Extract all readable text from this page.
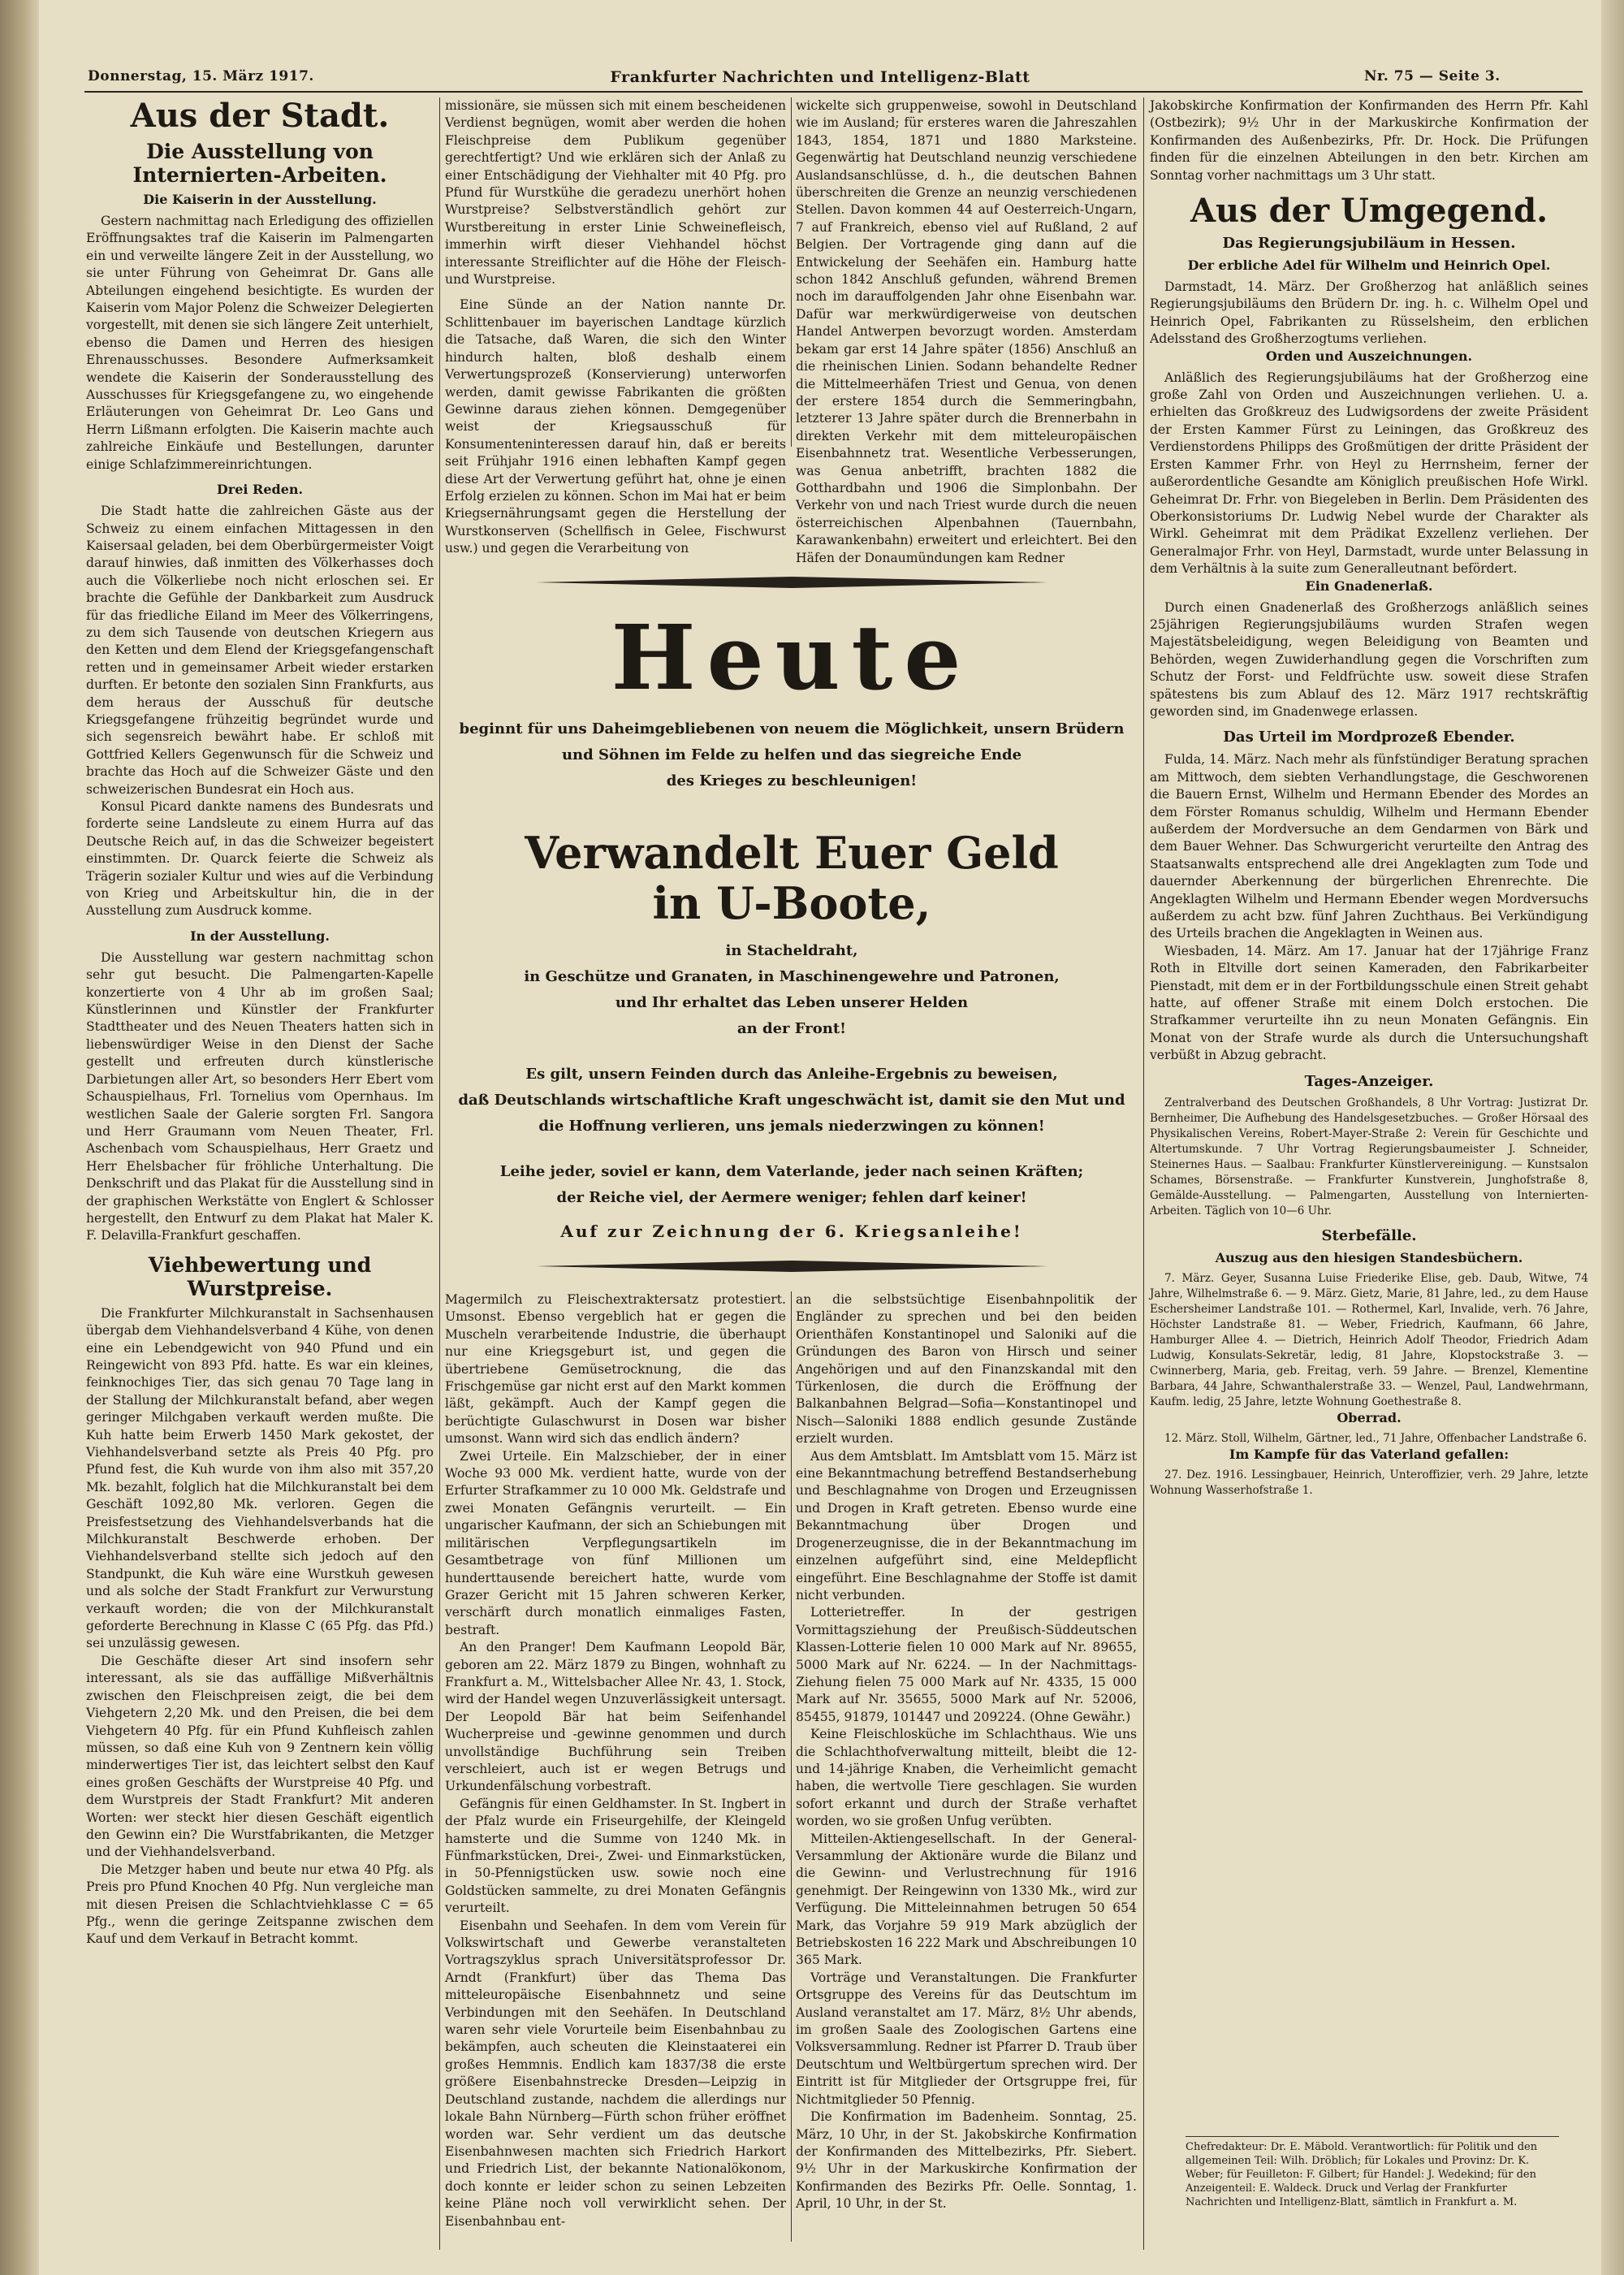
Donnerstag, 15. März 1917.	Frankfurter Nachrichten und Intelligenz-Blatt	Nr. 75 — Seite 3.
Aus der Stadt.
Die Ausstellung von Internierten-Arbeiten.
Die Kaiserin in der Ausstellung.

Gestern nachmittag nach Erledigung des offiziellen Eröffnungsaktes traf die Kaiserin im Palmengarten ein und verweilte längere Zeit in der Ausstellung, wo sie unter Führung von Geheimrat Dr. Gans alle Abteilungen eingehend besichtigte. Es wurden der Kaiserin vom Major Polenz die Schweizer Delegierten vorgestellt, mit denen sie sich längere Zeit unterhielt, ebenso die Damen und Herren des hiesigen Ehrenausschusses. Besondere Aufmerksamkeit wendete die Kaiserin der Sonderausstellung des Ausschusses für Kriegsgefangene zu, wo eingehende Erläuterungen von Geheimrat Dr. Leo Gans und Herrn Lißmann erfolgten. Die Kaiserin machte auch zahlreiche Einkäufe und Bestellungen, darunter einige Schlafzimmereinrichtungen.

Drei Reden.

Die Stadt hatte die zahlreichen Gäste aus der Schweiz zu einem einfachen Mittagessen in den Kaisersaal geladen, bei dem Oberbürgermeister Voigt darauf hinwies, daß inmitten des Völkerhasses doch auch die Völkerliebe noch nicht erloschen sei. Er brachte die Gefühle der Dankbarkeit zum Ausdruck für das friedliche Eiland im Meer des Völkerringens, zu dem sich Tausende von deutschen Kriegern aus den Ketten und dem Elend der Kriegsgefangenschaft retten und in gemeinsamer Arbeit wieder erstarken durften. Er betonte den sozialen Sinn Frankfurts, aus dem heraus der Ausschuß für deutsche Kriegsgefangene frühzeitig begründet wurde und sich segensreich bewährt habe. Er schloß mit Gottfried Kellers Gegenwunsch für die Schweiz und brachte das Hoch auf die Schweizer Gäste und den schweizerischen Bundesrat ein Hoch aus.

Konsul Picard dankte namens des Bundesrats und forderte seine Landsleute zu einem Hurra auf das Deutsche Reich auf, in das die Schweizer begeistert einstimmten. Dr. Quarck feierte die Schweiz als Trägerin sozialer Kultur und wies auf die Verbindung von Krieg und Arbeitskultur hin, die in der Ausstellung zum Ausdruck komme.

In der Ausstellung.

Die Ausstellung war gestern nachmittag schon sehr gut besucht. Die Palmengarten-Kapelle konzertierte von 4 Uhr ab im großen Saal; Künstlerinnen und Künstler der Frankfurter Stadttheater und des Neuen Theaters hatten sich in liebenswürdiger Weise in den Dienst der Sache gestellt und erfreuten durch künstlerische Darbietungen aller Art, so besonders Herr Ebert vom Schauspielhaus, Frl. Tornelius vom Opernhaus. Im westlichen Saale der Galerie sorgten Frl. Sangora und Herr Graumann vom Neuen Theater, Frl. Aschenbach vom Schauspielhaus, Herr Graetz und Herr Ehelsbacher für fröhliche Unterhaltung. Die Denkschrift und das Plakat für die Ausstellung sind in der graphischen Werkstätte von Englert & Schlosser hergestellt, den Entwurf zu dem Plakat hat Maler K. F. Delavilla-Frankfurt geschaffen.

Viehbewertung und Wurstpreise.

Die Frankfurter Milchkuranstalt in Sachsenhausen übergab dem Viehhandelsverband 4 Kühe, von denen eine ein Lebendgewicht von 940 Pfund und ein Reingewicht von 893 Pfd. hatte. Es war ein kleines, feinknochiges Tier, das sich genau 70 Tage lang in der Stallung der Milchkuranstalt befand, aber wegen geringer Milchgaben verkauft werden mußte. Die Kuh hatte beim Erwerb 1450 Mark gekostet, der Viehhandelsverband setzte als Preis 40 Pfg. pro Pfund fest, die Kuh wurde von ihm also mit 357,20 Mk. bezahlt, folglich hat die Milchkuranstalt bei dem Geschäft 1092,80 Mk. verloren. Gegen die Preisfestsetzung des Viehhandelsverbands hat die Milchkuranstalt Beschwerde erhoben. Der Viehhandelsverband stellte sich jedoch auf den Standpunkt, die Kuh wäre eine Wurstkuh gewesen und als solche der Stadt Frankfurt zur Verwurstung verkauft worden; die von der Milchkuranstalt geforderte Berechnung in Klasse C (65 Pfg. das Pfd.) sei unzulässig gewesen.

Die Geschäfte dieser Art sind insofern sehr interessant, als sie das auffällige Mißverhältnis zwischen den Fleischpreisen zeigt, die bei dem Viehgetern 2,20 Mk. und den Preisen, die bei dem Viehgetern 40 Pfg. für ein Pfund Kuhfleisch zahlen müssen, so daß eine Kuh von 9 Zentnern kein völlig minderwertiges Tier ist, das leichtert selbst den Kauf eines großen Geschäfts der Wurstpreise 40 Pfg. und dem Wurstpreis der Stadt Frankfurt? Mit anderen Worten: wer steckt hier diesen Geschäft eigentlich den Gewinn ein? Die Wurstfabrikanten, die Metzger und der Viehhandelsverband.

Die Metzger haben und beute nur etwa 40 Pfg. als Preis pro Pfund Knochen 40 Pfg. Nun vergleiche man mit diesen Preisen die Schlachtviehklasse C = 65 Pfg., wenn die geringe Zeitspanne zwischen dem Kauf und dem Verkauf in Betracht kommt.

missionäre, sie müssen sich mit einem bescheidenen Verdienst begnügen, womit aber werden die hohen Fleischpreise dem Publikum gegenüber gerechtfertigt? Und wie erklären sich der Anlaß zu einer Entschädigung der Viehhalter mit 40 Pfg. pro Pfund für Wurstkühe die geradezu unerhört hohen Wurstpreise? Selbstverständlich gehört zur Wurstbereitung in erster Linie Schweinefleisch, immerhin wirft dieser Viehhandel höchst interessante Streiflichter auf die Höhe der Fleisch- und Wurstpreise.

Eine Sünde an der Nation nannte Dr. Schlittenbauer im bayerischen Landtage kürzlich die Tatsache, daß Waren, die sich den Winter hindurch halten, bloß deshalb einem Verwertungsprozeß (Konservierung) unterworfen werden, damit gewisse Fabrikanten die größten Gewinne daraus ziehen können. Demgegenüber weist der Kriegsausschuß für Konsumenteninteressen darauf hin, daß er bereits seit Frühjahr 1916 einen lebhaften Kampf gegen diese Art der Verwertung geführt hat, ohne je einen Erfolg erzielen zu können. Schon im Mai hat er beim Kriegsernährungsamt gegen die Herstellung der Wurstkonserven (Schellfisch in Gelee, Fischwurst usw.) und gegen die Verarbeitung von

wickelte sich gruppenweise, sowohl in Deutschland wie im Ausland; für ersteres waren die Jahreszahlen 1843, 1854, 1871 und 1880 Marksteine. Gegenwärtig hat Deutschland neunzig verschiedene Auslandsanschlüsse, d. h., die deutschen Bahnen überschreiten die Grenze an neunzig verschiedenen Stellen. Davon kommen 44 auf Oesterreich-Ungarn, 7 auf Frankreich, ebenso viel auf Rußland, 2 auf Belgien. Der Vortragende ging dann auf die Entwickelung der Seehäfen ein. Hamburg hatte schon 1842 Anschluß gefunden, während Bremen noch im darauffolgenden Jahr ohne Eisenbahn war. Dafür war merkwürdigerweise von deutschen Handel Antwerpen bevorzugt worden. Amsterdam bekam gar erst 14 Jahre später (1856) Anschluß an die rheinischen Linien. Sodann behandelte Redner die Mittelmeerhäfen Triest und Genua, von denen der erstere 1854 durch die Semmeringbahn, letzterer 13 Jahre später durch die Brennerbahn in direkten Verkehr mit dem mitteleuropäischen Eisenbahnnetz trat. Wesentliche Verbesserungen, was Genua anbetrifft, brachten 1882 die Gotthardbahn und 1906 die Simplonbahn. Der Verkehr von und nach Triest wurde durch die neuen österreichischen Alpenbahnen (Tauernbahn, Karawankenbahn) erweitert und erleichtert. Bei den Häfen der Donaumündungen kam Redner

Heute
beginnt für uns Daheimgebliebenen von neuem die Möglichkeit, unsern Brüdern
und Söhnen im Felde zu helfen und das siegreiche Ende
des Krieges zu beschleunigen!
Verwandelt Euer Geld
in U-Boote,
in Stacheldraht,
in Geschütze und Granaten, in Maschinengewehre und Patronen,
und Ihr erhaltet das Leben unserer Helden
an der Front!
Es gilt, unsern Feinden durch das Anleihe-Ergebnis zu beweisen,
daß Deutschlands wirtschaftliche Kraft ungeschwächt ist, damit sie den Mut und
die Hoffnung verlieren, uns jemals niederzwingen zu können!
Leihe jeder, soviel er kann, dem Vaterlande, jeder nach seinen Kräften;
der Reiche viel, der Aermere weniger; fehlen darf keiner!
Auf zur Zeichnung der 6. Kriegsanleihe!

Magermilch zu Fleischextraktersatz protestiert. Umsonst. Ebenso vergeblich hat er gegen die Muscheln verarbeitende Industrie, die überhaupt nur eine Kriegsgeburt ist, und gegen die übertriebene Gemüsetrocknung, die das Frischgemüse gar nicht erst auf den Markt kommen läßt, gekämpft. Auch der Kampf gegen die berüchtigte Gulaschwurst in Dosen war bisher umsonst. Wann wird sich das endlich ändern?

Zwei Urteile. Ein Malzschieber, der in einer Woche 93 000 Mk. verdient hatte, wurde von der Erfurter Strafkammer zu 10 000 Mk. Geldstrafe und zwei Monaten Gefängnis verurteilt. — Ein ungarischer Kaufmann, der sich an Schiebungen mit militärischen Verpflegungsartikeln im Gesamtbetrage von fünf Millionen um hunderttausende bereichert hatte, wurde vom Grazer Gericht mit 15 Jahren schweren Kerker, verschärft durch monatlich einmaliges Fasten, bestraft.

An den Pranger! Dem Kaufmann Leopold Bär, geboren am 22. März 1879 zu Bingen, wohnhaft zu Frankfurt a. M., Wittelsbacher Allee Nr. 43, 1. Stock, wird der Handel wegen Unzuverlässigkeit untersagt. Der Leopold Bär hat beim Seifenhandel Wucherpreise und -gewinne genommen und durch unvollständige Buchführung sein Treiben verschleiert, auch ist er wegen Betrugs und Urkundenfälschung vorbestraft.

Gefängnis für einen Geldhamster. In St. Ingbert in der Pfalz wurde ein Friseurgehilfe, der Kleingeld hamsterte und die Summe von 1240 Mk. in Fünfmarkstücken, Drei-, Zwei- und Einmarkstücken, in 50-Pfennigstücken usw. sowie noch eine Goldstücken sammelte, zu drei Monaten Gefängnis verurteilt.

Eisenbahn und Seehafen. In dem vom Verein für Volkswirtschaft und Gewerbe veranstalteten Vortragszyklus sprach Universitätsprofessor Dr. Arndt (Frankfurt) über das Thema Das mitteleuropäische Eisenbahnnetz und seine Verbindungen mit den Seehäfen. In Deutschland waren sehr viele Vorurteile beim Eisenbahnbau zu bekämpfen, auch scheuten die Kleinstaaterei ein großes Hemmnis. Endlich kam 1837/38 die erste größere Eisenbahnstrecke Dresden—Leipzig in Deutschland zustande, nachdem die allerdings nur lokale Bahn Nürnberg—Fürth schon früher eröffnet worden war. Sehr verdient um das deutsche Eisenbahnwesen machten sich Friedrich Harkort und Friedrich List, der bekannte Nationalökonom, doch konnte er leider schon zu seinen Lebzeiten keine Pläne noch voll verwirklicht sehen. Der Eisenbahnbau ent-

an die selbstsüchtige Eisenbahnpolitik der Engländer zu sprechen und bei den beiden Orienthäfen Konstantinopel und Saloniki auf die Gründungen des Baron von Hirsch und seiner Angehörigen und auf den Finanzskandal mit den Türkenlosen, die durch die Eröffnung der Balkanbahnen Belgrad—Sofia—Konstantinopel und Nisch—Saloniki 1888 endlich gesunde Zustände erzielt wurden.

Aus dem Amtsblatt. Im Amtsblatt vom 15. März ist eine Bekanntmachung betreffend Bestandserhebung und Beschlagnahme von Drogen und Erzeugnissen und Drogen in Kraft getreten. Ebenso wurde eine Bekanntmachung über Drogen und Drogenerzeugnisse, die in der Bekanntmachung im einzelnen aufgeführt sind, eine Meldepflicht eingeführt. Eine Beschlagnahme der Stoffe ist damit nicht verbunden.

Lotterietreffer. In der gestrigen Vormittagsziehung der Preußisch-Süddeutschen Klassen-Lotterie fielen 10 000 Mark auf Nr. 89655, 5000 Mark auf Nr. 6224. — In der Nachmittags-Ziehung fielen 75 000 Mark auf Nr. 4335, 15 000 Mark auf Nr. 35655, 5000 Mark auf Nr. 52006, 85455, 91879, 101447 und 209224. (Ohne Gewähr.)

Keine Fleischlosküche im Schlachthaus. Wie uns die Schlachthofverwaltung mitteilt, bleibt die 12- und 14-jährige Knaben, die Verheimlicht gemacht haben, die wertvolle Tiere geschlagen. Sie wurden sofort erkannt und durch der Straße verhaftet worden, wo sie großen Unfug verübten.

Mitteilen-Aktiengesellschaft. In der General-Versammlung der Aktionäre wurde die Bilanz und die Gewinn- und Verlustrechnung für 1916 genehmigt. Der Reingewinn von 1330 Mk., wird zur Verfügung. Die Mitteleinnahmen betrugen 50 654 Mark, das Vorjahre 59 919 Mark abzüglich der Betriebskosten 16 222 Mark und Abschreibungen 10 365 Mark.

Vorträge und Veranstaltungen. Die Frankfurter Ortsgruppe des Vereins für das Deutschtum im Ausland veranstaltet am 17. März, 8½ Uhr abends, im großen Saale des Zoologischen Gartens eine Volksversammlung. Redner ist Pfarrer D. Traub über Deutschtum und Weltbürgertum sprechen wird. Der Eintritt ist für Mitglieder der Ortsgruppe frei, für Nichtmitglieder 50 Pfennig.

Die Konfirmation im Badenheim. Sonntag, 25. März, 10 Uhr, in der St. Jakobskirche Konfirmation der Konfirmanden des Mittelbezirks, Pfr. Siebert. 9½ Uhr in der Markuskirche Konfirmation der Konfirmanden des Bezirks Pfr. Oelle. Sonntag, 1. April, 10 Uhr, in der St.

Jakobskirche Konfirmation der Konfirmanden des Herrn Pfr. Kahl (Ostbezirk); 9½ Uhr in der Markuskirche Konfirmation der Konfirmanden des Außenbezirks, Pfr. Dr. Hock. Die Prüfungen finden für die einzelnen Abteilungen in den betr. Kirchen am Sonntag vorher nachmittags um 3 Uhr statt.

Aus der Umgegend.
Das Regierungsjubiläum in Hessen.
Der erbliche Adel für Wilhelm und Heinrich Opel.

Darmstadt, 14. März. Der Großherzog hat anläßlich seines Regierungsjubiläums den Brüdern Dr. ing. h. c. Wilhelm Opel und Heinrich Opel, Fabrikanten zu Rüsselsheim, den erblichen Adelsstand des Großherzogtums verliehen.

Orden und Auszeichnungen.

Anläßlich des Regierungsjubiläums hat der Großherzog eine große Zahl von Orden und Auszeichnungen verliehen. U. a. erhielten das Großkreuz des Ludwigsordens der zweite Präsident der Ersten Kammer Fürst zu Leiningen, das Großkreuz des Verdienstordens Philipps des Großmütigen der dritte Präsident der Ersten Kammer Frhr. von Heyl zu Herrnsheim, ferner der außerordentliche Gesandte am Königlich preußischen Hofe Wirkl. Geheimrat Dr. Frhr. von Biegeleben in Berlin. Dem Präsidenten des Oberkonsistoriums Dr. Ludwig Nebel wurde der Charakter als Wirkl. Geheimrat mit dem Prädikat Exzellenz verliehen. Der Generalmajor Frhr. von Heyl, Darmstadt, wurde unter Belassung in dem Verhältnis à la suite zum Generalleutnant befördert.

Ein Gnadenerlaß.

Durch einen Gnadenerlaß des Großherzogs anläßlich seines 25jährigen Regierungsjubiläums wurden Strafen wegen Majestätsbeleidigung, wegen Beleidigung von Beamten und Behörden, wegen Zuwiderhandlung gegen die Vorschriften zum Schutz der Forst- und Feldfrüchte usw. soweit diese Strafen spätestens bis zum Ablauf des 12. März 1917 rechtskräftig geworden sind, im Gnadenwege erlassen.

Das Urteil im Mordprozeß Ebender.

Fulda, 14. März. Nach mehr als fünfstündiger Beratung sprachen am Mittwoch, dem siebten Verhandlungstage, die Geschworenen die Bauern Ernst, Wilhelm und Hermann Ebender des Mordes an dem Förster Romanus schuldig, Wilhelm und Hermann Ebender außerdem der Mordversuche an dem Gendarmen von Bärk und dem Bauer Wehner. Das Schwurgericht verurteilte den Antrag des Staatsanwalts entsprechend alle drei Angeklagten zum Tode und dauernder Aberkennung der bürgerlichen Ehrenrechte. Die Angeklagten Wilhelm und Hermann Ebender wegen Mordversuchs außerdem zu acht bzw. fünf Jahren Zuchthaus. Bei Verkündigung des Urteils brachen die Angeklagten in Weinen aus.

Wiesbaden, 14. März. Am 17. Januar hat der 17jährige Franz Roth in Eltville dort seinen Kameraden, den Fabrikarbeiter Pienstadt, mit dem er in der Fortbildungsschule einen Streit gehabt hatte, auf offener Straße mit einem Dolch erstochen. Die Strafkammer verurteilte ihn zu neun Monaten Gefängnis. Ein Monat von der Strafe wurde als durch die Untersuchungshaft verbüßt in Abzug gebracht.

Tages-Anzeiger.

Zentralverband des Deutschen Großhandels, 8 Uhr Vortrag: Justizrat Dr. Bernheimer, Die Aufhebung des Handelsgesetzbuches. — Großer Hörsaal des Physikalischen Vereins, Robert-Mayer-Straße 2: Verein für Geschichte und Altertumskunde. 7 Uhr Vortrag Regierungsbaumeister J. Schneider, Steinernes Haus. — Saalbau: Frankfurter Künstlervereinigung. — Kunstsalon Schames, Börsenstraße. — Frankfurter Kunstverein, Junghofstraße 8, Gemälde-Ausstellung. — Palmengarten, Ausstellung von Internierten-Arbeiten. Täglich von 10—6 Uhr.

Sterbefälle.
Auszug aus den hiesigen Standesbüchern.

7. März. Geyer, Susanna Luise Friederike Elise, geb. Daub, Witwe, 74 Jahre, Wilhelmstraße 6. — 9. März. Gietz, Marie, 81 Jahre, led., zu dem Hause Eschersheimer Landstraße 101. — Rothermel, Karl, Invalide, verh. 76 Jahre, Höchster Landstraße 81. — Weber, Friedrich, Kaufmann, 66 Jahre, Hamburger Allee 4. — Dietrich, Heinrich Adolf Theodor, Friedrich Adam Ludwig, Konsulats-Sekretär, ledig, 81 Jahre, Klopstockstraße 3. — Cwinnerberg, Maria, geb. Freitag, verh. 59 Jahre. — Brenzel, Klementine Barbara, 44 Jahre, Schwanthalerstraße 33. — Wenzel, Paul, Landwehrmann, Kaufm. ledig, 25 Jahre, letzte Wohnung Goethestraße 8.

Oberrad.

12. März. Stoll, Wilhelm, Gärtner, led., 71 Jahre, Offenbacher Landstraße 6.

Im Kampfe für das Vaterland gefallen:

27. Dez. 1916. Lessingbauer, Heinrich, Unteroffizier, verh. 29 Jahre, letzte Wohnung Wasserhofstraße 1.

Chefredakteur: Dr. E. Mäbold. Verantwortlich: für Politik und den allgemeinen Teil: Wilh. Dröblich; für Lokales und Provinz: Dr. K. Weber; für Feuilleton: F. Gilbert; für Handel: J. Wedekind; für den Anzeigenteil: E. Waldeck. Druck und Verlag der Frankfurter Nachrichten und Intelligenz-Blatt, sämtlich in Frankfurt a. M.
